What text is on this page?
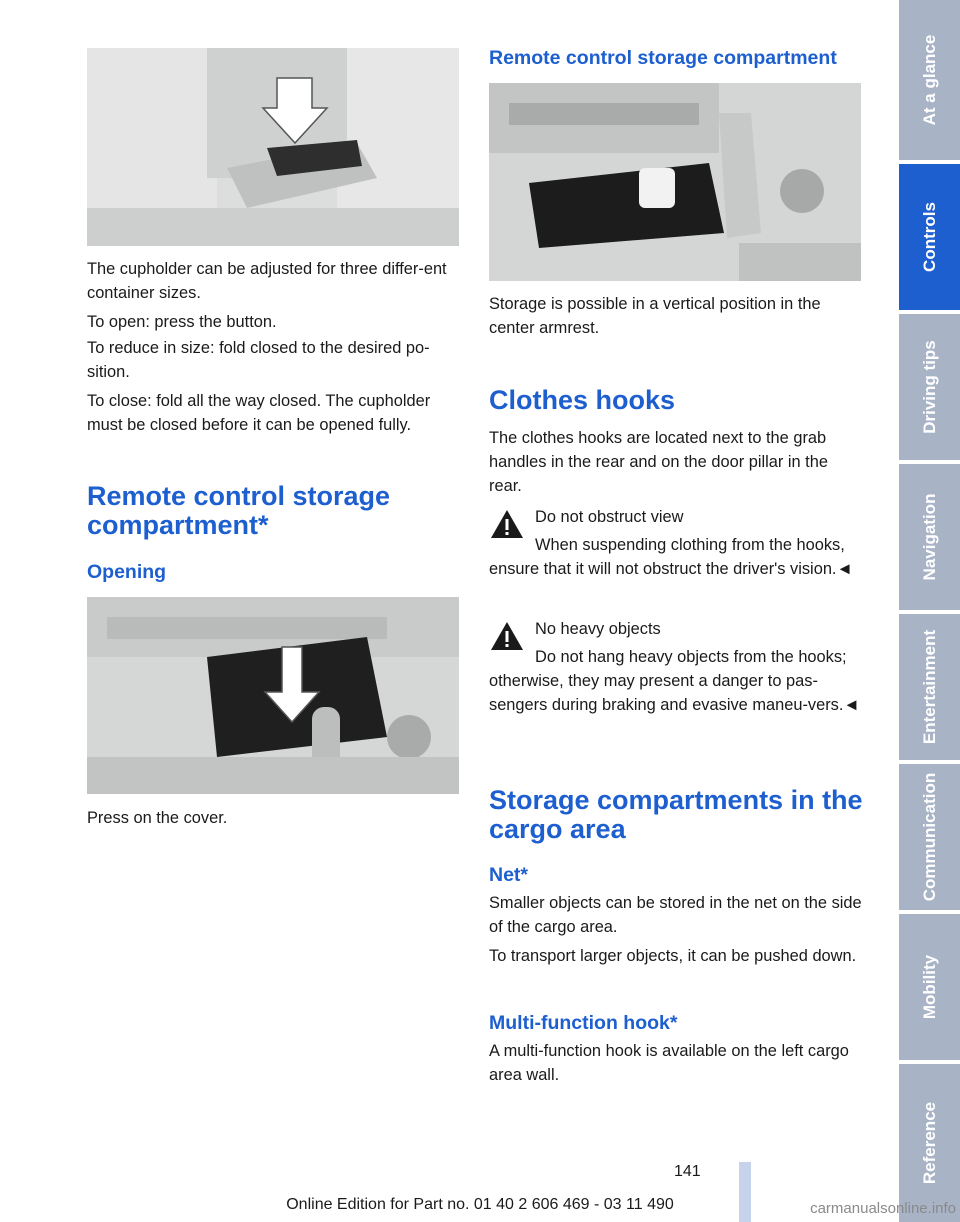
The cupholder can be adjusted for three differ-ent container sizes.

To open: press the button.

To reduce in size: fold closed to the desired po-sition.

To close: fold all the way closed. The cupholder must be closed before it can be opened fully.

Remote control storage compartment*
Opening

Press on the cover.

Remote control storage compartment

Storage is possible in a vertical position in the center armrest.

Clothes hooks

The clothes hooks are located next to the grab handles in the rear and on the door pillar in the rear.

Do not obstruct view

When suspending clothing from the hooks, ensure that it will not obstruct the driver's vision.◄

No heavy objects

Do not hang heavy objects from the hooks; otherwise, they may present a danger to pas-sengers during braking and evasive maneu-vers.◄

Storage compartments in the cargo area
Net*

Smaller objects can be stored in the net on the side of the cargo area.

To transport larger objects, it can be pushed down.

Multi-function hook*

A multi-function hook is available on the left cargo area wall.

At a glance
Controls
Driving tips
Navigation
Entertainment
Communication
Mobility
Reference
141
Online Edition for Part no. 01 40 2 606 469 - 03 11 490	carmanualsonline.info
